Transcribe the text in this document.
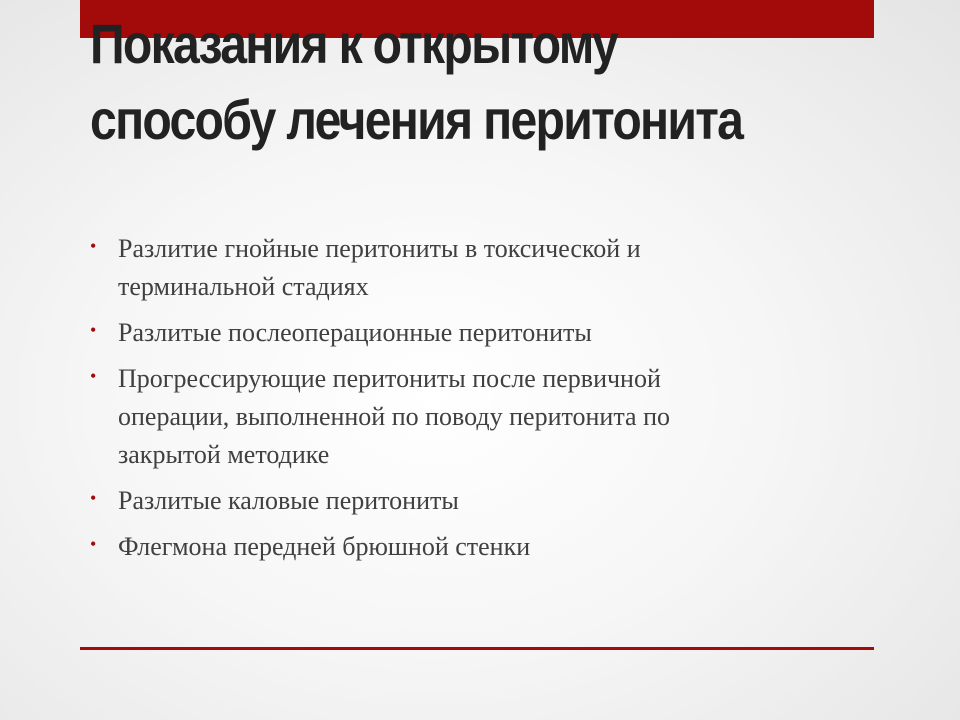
Показания к открытому
способу лечения перитонита
• Разлитие гнойные перитониты в токсической и
терминальной стадиях
• Разлитые послеоперационные перитониты
• Прогрессирующие перитониты после первичной
операции, выполненной по поводу перитонита по
закрытой методике
• Разлитые каловые перитониты
• Флегмона передней брюшной стенки
